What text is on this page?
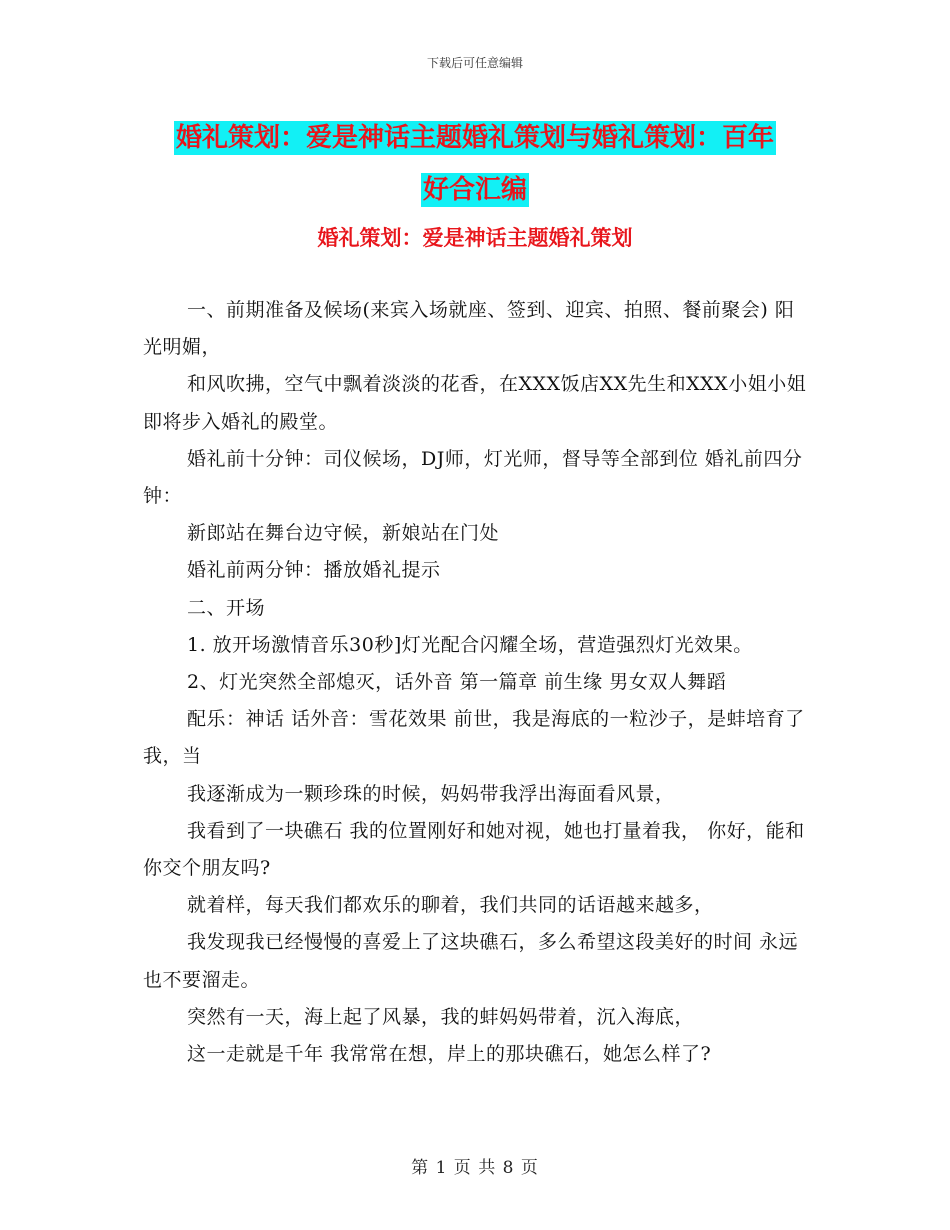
下载后可任意编辑
婚礼策划：爱是神话主题婚礼策划与婚礼策划：百年
好合汇编
婚礼策划：爱是神话主题婚礼策划

一、前期准备及候场(来宾入场就座、签到、迎宾、拍照、餐前聚会) 阳光明媚，

和风吹拂，空气中飘着淡淡的花香，在XXX饭店XX先生和XXX小姐小姐即将步入婚礼的殿堂。

婚礼前十分钟：司仪候场，DJ师，灯光师，督导等全部到位 婚礼前四分钟：

新郎站在舞台边守候，新娘站在门处

婚礼前两分钟：播放婚礼提示

二、开场

1. 放开场激情音乐30秒]灯光配合闪耀全场，营造强烈灯光效果。

2、灯光突然全部熄灭，话外音 第一篇章 前生缘 男女双人舞蹈

配乐：神话 话外音：雪花效果 前世，我是海底的一粒沙子，是蚌培育了我，当

我逐渐成为一颗珍珠的时候，妈妈带我浮出海面看风景，

我看到了一块礁石 我的位置刚好和她对视，她也打量着我， 你好，能和你交个朋友吗?

就着样，每天我们都欢乐的聊着，我们共同的话语越来越多，

我发现我已经慢慢的喜爱上了这块礁石，多么希望这段美好的时间 永远也不要溜走。

突然有一天，海上起了风暴，我的蚌妈妈带着，沉入海底，

这一走就是千年 我常常在想，岸上的那块礁石，她怎么样了?

第 1 页 共 8 页
